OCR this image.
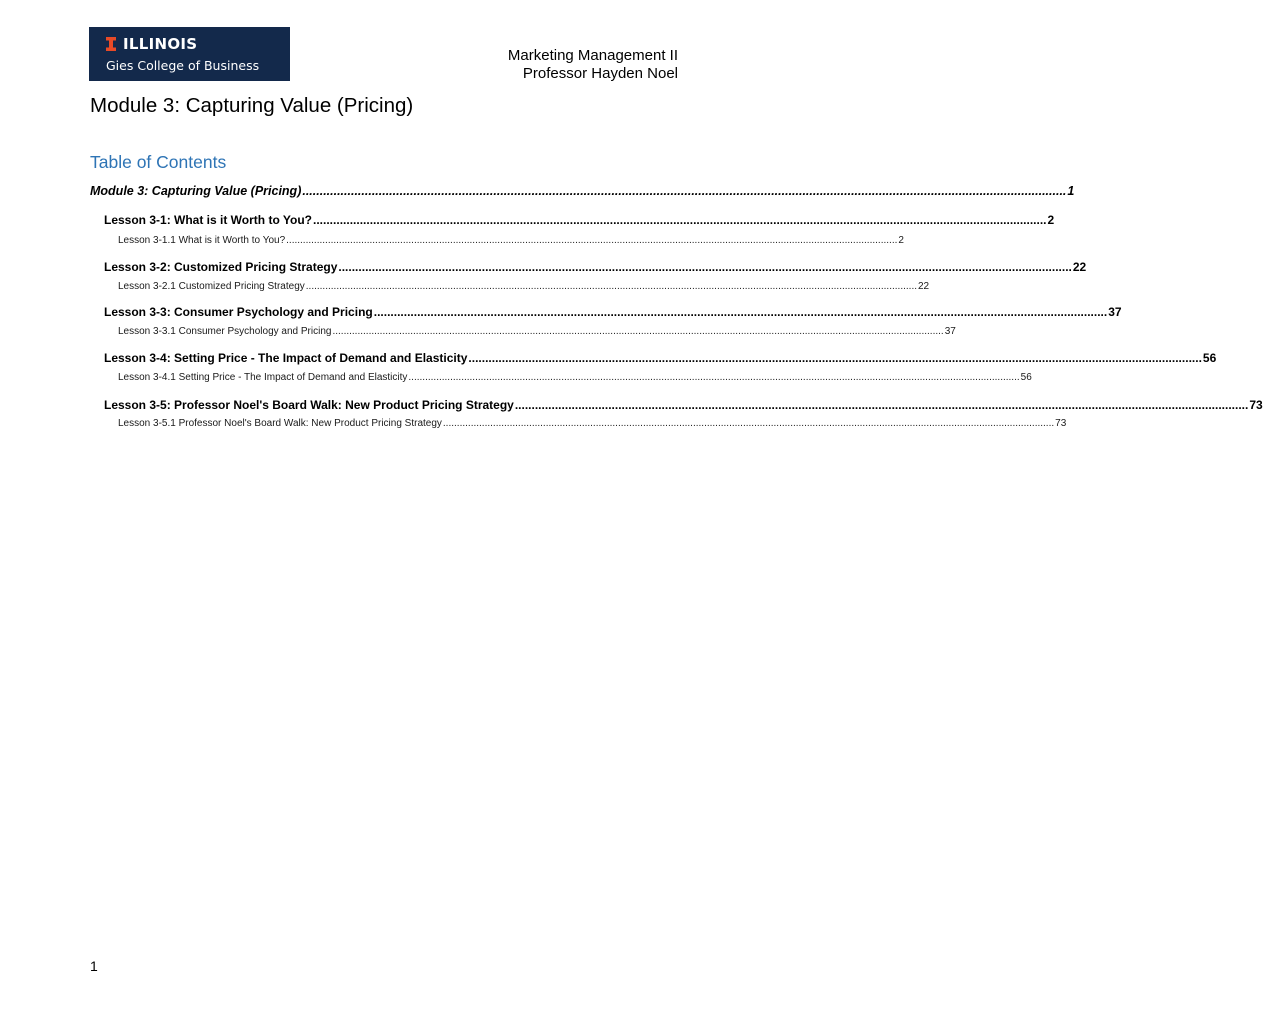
ILLINOIS
Gies College of Business
Marketing Management II
Professor Hayden Noel
Module 3: Capturing Value (Pricing)
Table of Contents
Module 3: Capturing Value (Pricing) ............................................................................................................................................................................................................................ 1
Lesson 3-1: What is it Worth to You? ............................................................................................................................................................................................................................ 2
Lesson 3-1.1 What is it Worth to You? ............................................................................................................................................................................................................................ 2
Lesson 3-2: Customized Pricing Strategy ............................................................................................................................................................................................................................ 22
Lesson 3-2.1 Customized Pricing Strategy ............................................................................................................................................................................................................................ 22
Lesson 3-3: Consumer Psychology and Pricing ............................................................................................................................................................................................................................ 37
Lesson 3-3.1 Consumer Psychology and Pricing ............................................................................................................................................................................................................................ 37
Lesson 3-4: Setting Price - The Impact of Demand and Elasticity ............................................................................................................................................................................................................................ 56
Lesson 3-4.1 Setting Price - The Impact of Demand and Elasticity ............................................................................................................................................................................................................................ 56
Lesson 3-5: Professor Noel's Board Walk: New Product Pricing Strategy ............................................................................................................................................................................................................................ 73
Lesson 3-5.1 Professor Noel's Board Walk: New Product Pricing Strategy ............................................................................................................................................................................................................................ 73
1
